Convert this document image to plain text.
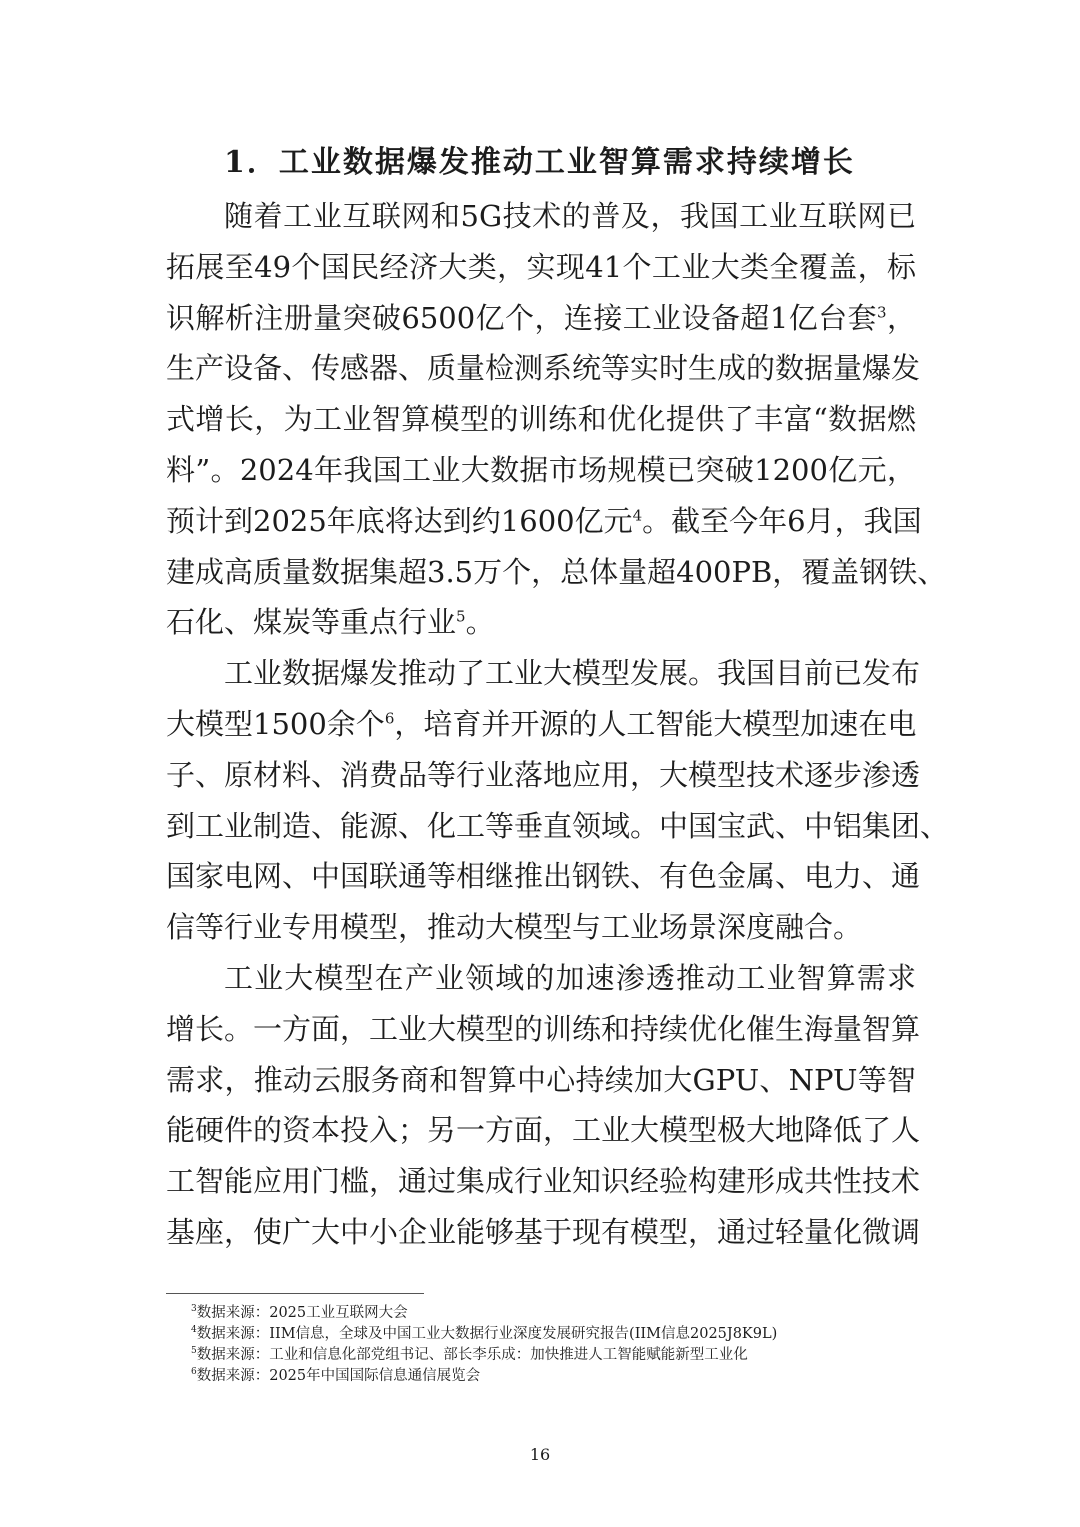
1．工业数据爆发推动工业智算需求持续增长
随着工业互联网和5G技术的普及，我国工业互联网已
拓展至49个国民经济大类，实现41个工业大类全覆盖，标
识解析注册量突破6500亿个，连接工业设备超1亿台套$^3$，
生产设备、传感器、质量检测系统等实时生成的数据量爆发
式增长，为工业智算模型的训练和优化提供了丰富“数据燃
料”。2024年我国工业大数据市场规模已突破1200亿元，
预计到2025年底将达到约1600亿元$^4$。截至今年6月，我国
建成高质量数据集超3.5万个，总体量超400PB，覆盖钢铁、
石化、煤炭等重点行业$^5$。
工业数据爆发推动了工业大模型发展。我国目前已发布
大模型1500余个$^6$，培育并开源的人工智能大模型加速在电
子、原材料、消费品等行业落地应用，大模型技术逐步渗透
到工业制造、能源、化工等垂直领域。中国宝武、中铝集团、
国家电网、中国联通等相继推出钢铁、有色金属、电力、通
信等行业专用模型，推动大模型与工业场景深度融合。
工业大模型在产业领域的加速渗透推动工业智算需求
增长。一方面，工业大模型的训练和持续优化催生海量智算
需求，推动云服务商和智算中心持续加大GPU、NPU等智
能硬件的资本投入；另一方面，工业大模型极大地降低了人
工智能应用门槛，通过集成行业知识经验构建形成共性技术
基座，使广大中小企业能够基于现有模型，通过轻量化微调
$^3$数据来源：2025工业互联网大会
$^4$数据来源：IIM信息，全球及中国工业大数据行业深度发展研究报告(IIM信息2025J8K9L)
$^5$数据来源：工业和信息化部党组书记、部长李乐成：加快推进人工智能赋能新型工业化
$^6$数据来源：2025年中国国际信息通信展览会
16
